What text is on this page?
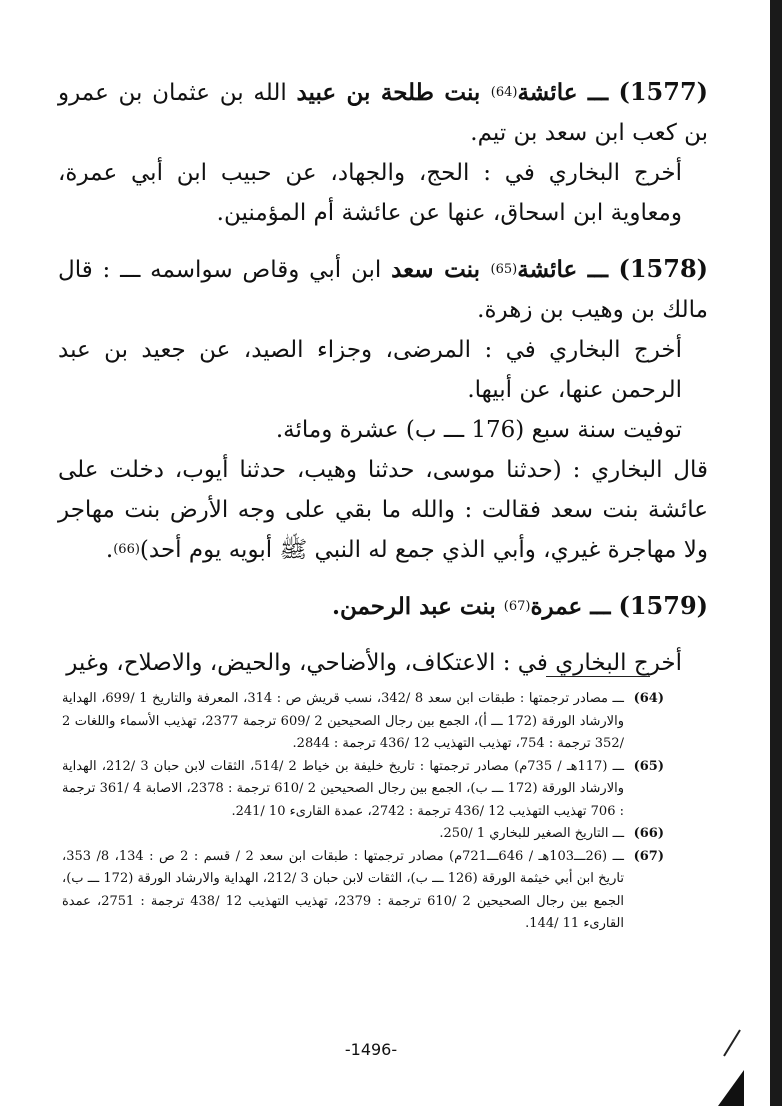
(1577) ـــ عائشة$^{(64)}$ بنت طلحة بن عبيد الله بن عثمان بن عمرو بن كعب ابن سعد بن تيم.

أخرج البخاري في : الحج، والجهاد، عن حبيب ابن أبي عمرة، ومعاوية ابن اسحاق، عنها عن عائشة أم المؤمنين.

(1578) ـــ عائشة$^{(65)}$ بنت سعد ابن أبي وقاص سواسمه ـــ : قال مالك بن وهيب بن زهرة.

أخرج البخاري في : المرضى، وجزاء الصيد، عن جعيد بن عبد الرحمن عنها، عن أبيها.

توفيت سنة سبع (176 ـــ ب) عشرة ومائة.

قال البخاري : (حدثنا موسى، حدثنا وهيب، حدثنا أيوب، دخلت على عائشة بنت سعد فقالت : والله ما بقي على وجه الأرض بنت مهاجر ولا مهاجرة غيري، وأبي الذي جمع له النبي ﷺ أبويه يوم أحد)$^{(66)}$.

(1579) ـــ عمرة$^{(67)}$ بنت عبد الرحمن.

أخرج البخاري في : الاعتكاف، والأضاحي، والحيض، والاصلاح، وغير

(64)
ـــ مصادر ترجمتها : طبقات ابن سعد 8 /342، نسب قريش ص : 314، المعرفة والتاريخ 1 /699، الهداية والارشاد الورقة (172 ـــ أ)، الجمع بين رجال الصحيحين 2 /609 ترجمة 2377، تهذيب الأسماء واللغات 2 /352 ترجمة : 754، تهذيب التهذيب 12 /436 ترجمة : 2844.
(65)
ـــ (117هـ / 735م) مصادر ترجمتها : تاريخ خليفة بن خياط 2 /514، الثقات لابن حبان 3 /212، الهداية والارشاد الورقة (172 ـــ ب)، الجمع بين رجال الصحيحين 2 /610 ترجمة : 2378، الاصابة 4 /361 ترجمة : 706 تهذيب التهذيب 12 /436 ترجمة : 2742، عمدة القارىء 10 /241.
(66)
ـــ التاريخ الصغير للبخاري 1 /250.
(67)
ـــ (26ـــ103هـ / 646ـــ721م) مصادر ترجمتها : طبقات ابن سعد 2 / قسم : 2 ص : 134، 8/ 353، تاريخ ابن أبي خيثمة الورقة (126 ـــ ب)، الثقات لابن حبان 3 /212، الهداية والارشاد الورقة (172 ـــ ب)، الجمع بين رجال الصحيحين 2 /610 ترجمة : 2379، تهذيب التهذيب 12 /438 ترجمة : 2751، عمدة القارىء 11 /144.
-1496-
